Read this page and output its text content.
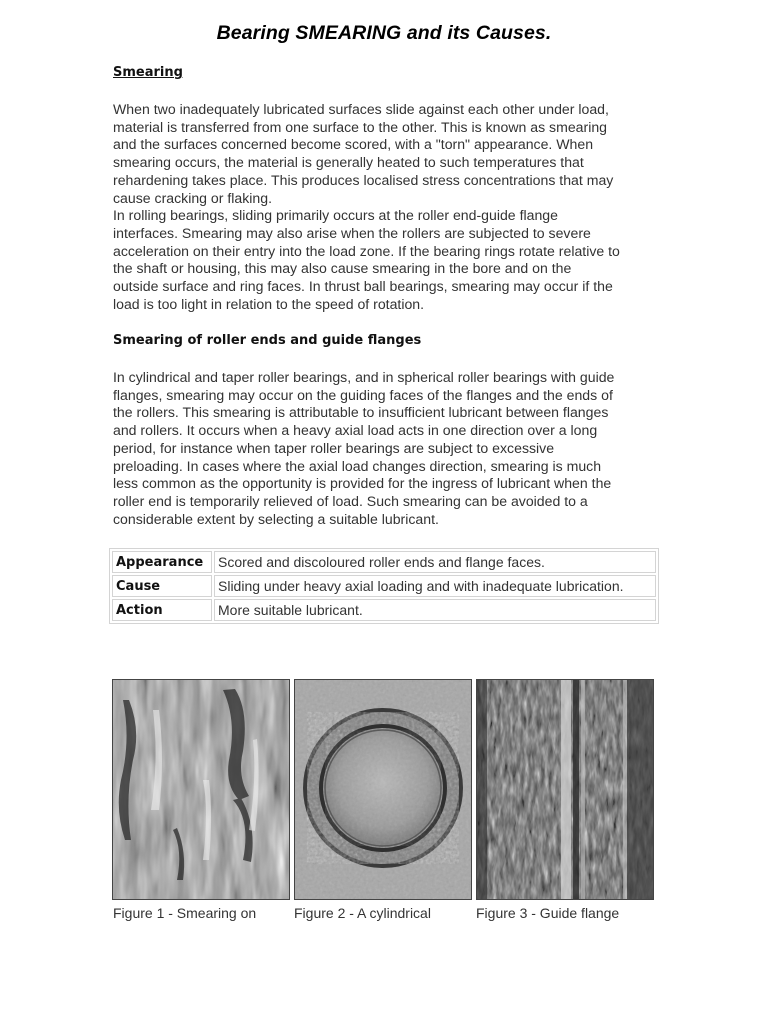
Bearing SMEARING and its Causes.
Smearing

When two inadequately lubricated surfaces slide against each other under load,

material is transferred from one surface to the other. This is known as smearing

and the surfaces concerned become scored, with a "torn" appearance. When

smearing occurs, the material is generally heated to such temperatures that

rehardening takes place. This produces localised stress concentrations that may

cause cracking or flaking.

In rolling bearings, sliding primarily occurs at the roller end-guide flange

interfaces. Smearing may also arise when the rollers are subjected to severe

acceleration on their entry into the load zone. If the bearing rings rotate relative to

the shaft or housing, this may also cause smearing in the bore and on the

outside surface and ring faces. In thrust ball bearings, smearing may occur if the

load is too light in relation to the speed of rotation.

Smearing of roller ends and guide flanges

In cylindrical and taper roller bearings, and in spherical roller bearings with guide

flanges, smearing may occur on the guiding faces of the flanges and the ends of

the rollers. This smearing is attributable to insufficient lubricant between flanges

and rollers. It occurs when a heavy axial load acts in one direction over a long

period, for instance when taper roller bearings are subject to excessive

preloading. In cases where the axial load changes direction, smearing is much

less common as the opportunity is provided for the ingress of lubricant when the

roller end is temporarily relieved of load. Such smearing can be avoided to a

considerable extent by selecting a suitable lubricant.

Appearance	Scored and discoloured roller ends and flange faces.
Cause	Sliding under heavy axial loading and with inadequate lubrication.
Action	More suitable lubricant.
Figure 1 - Smearing on	Figure 2 - A cylindrical	Figure 3 - Guide flange
